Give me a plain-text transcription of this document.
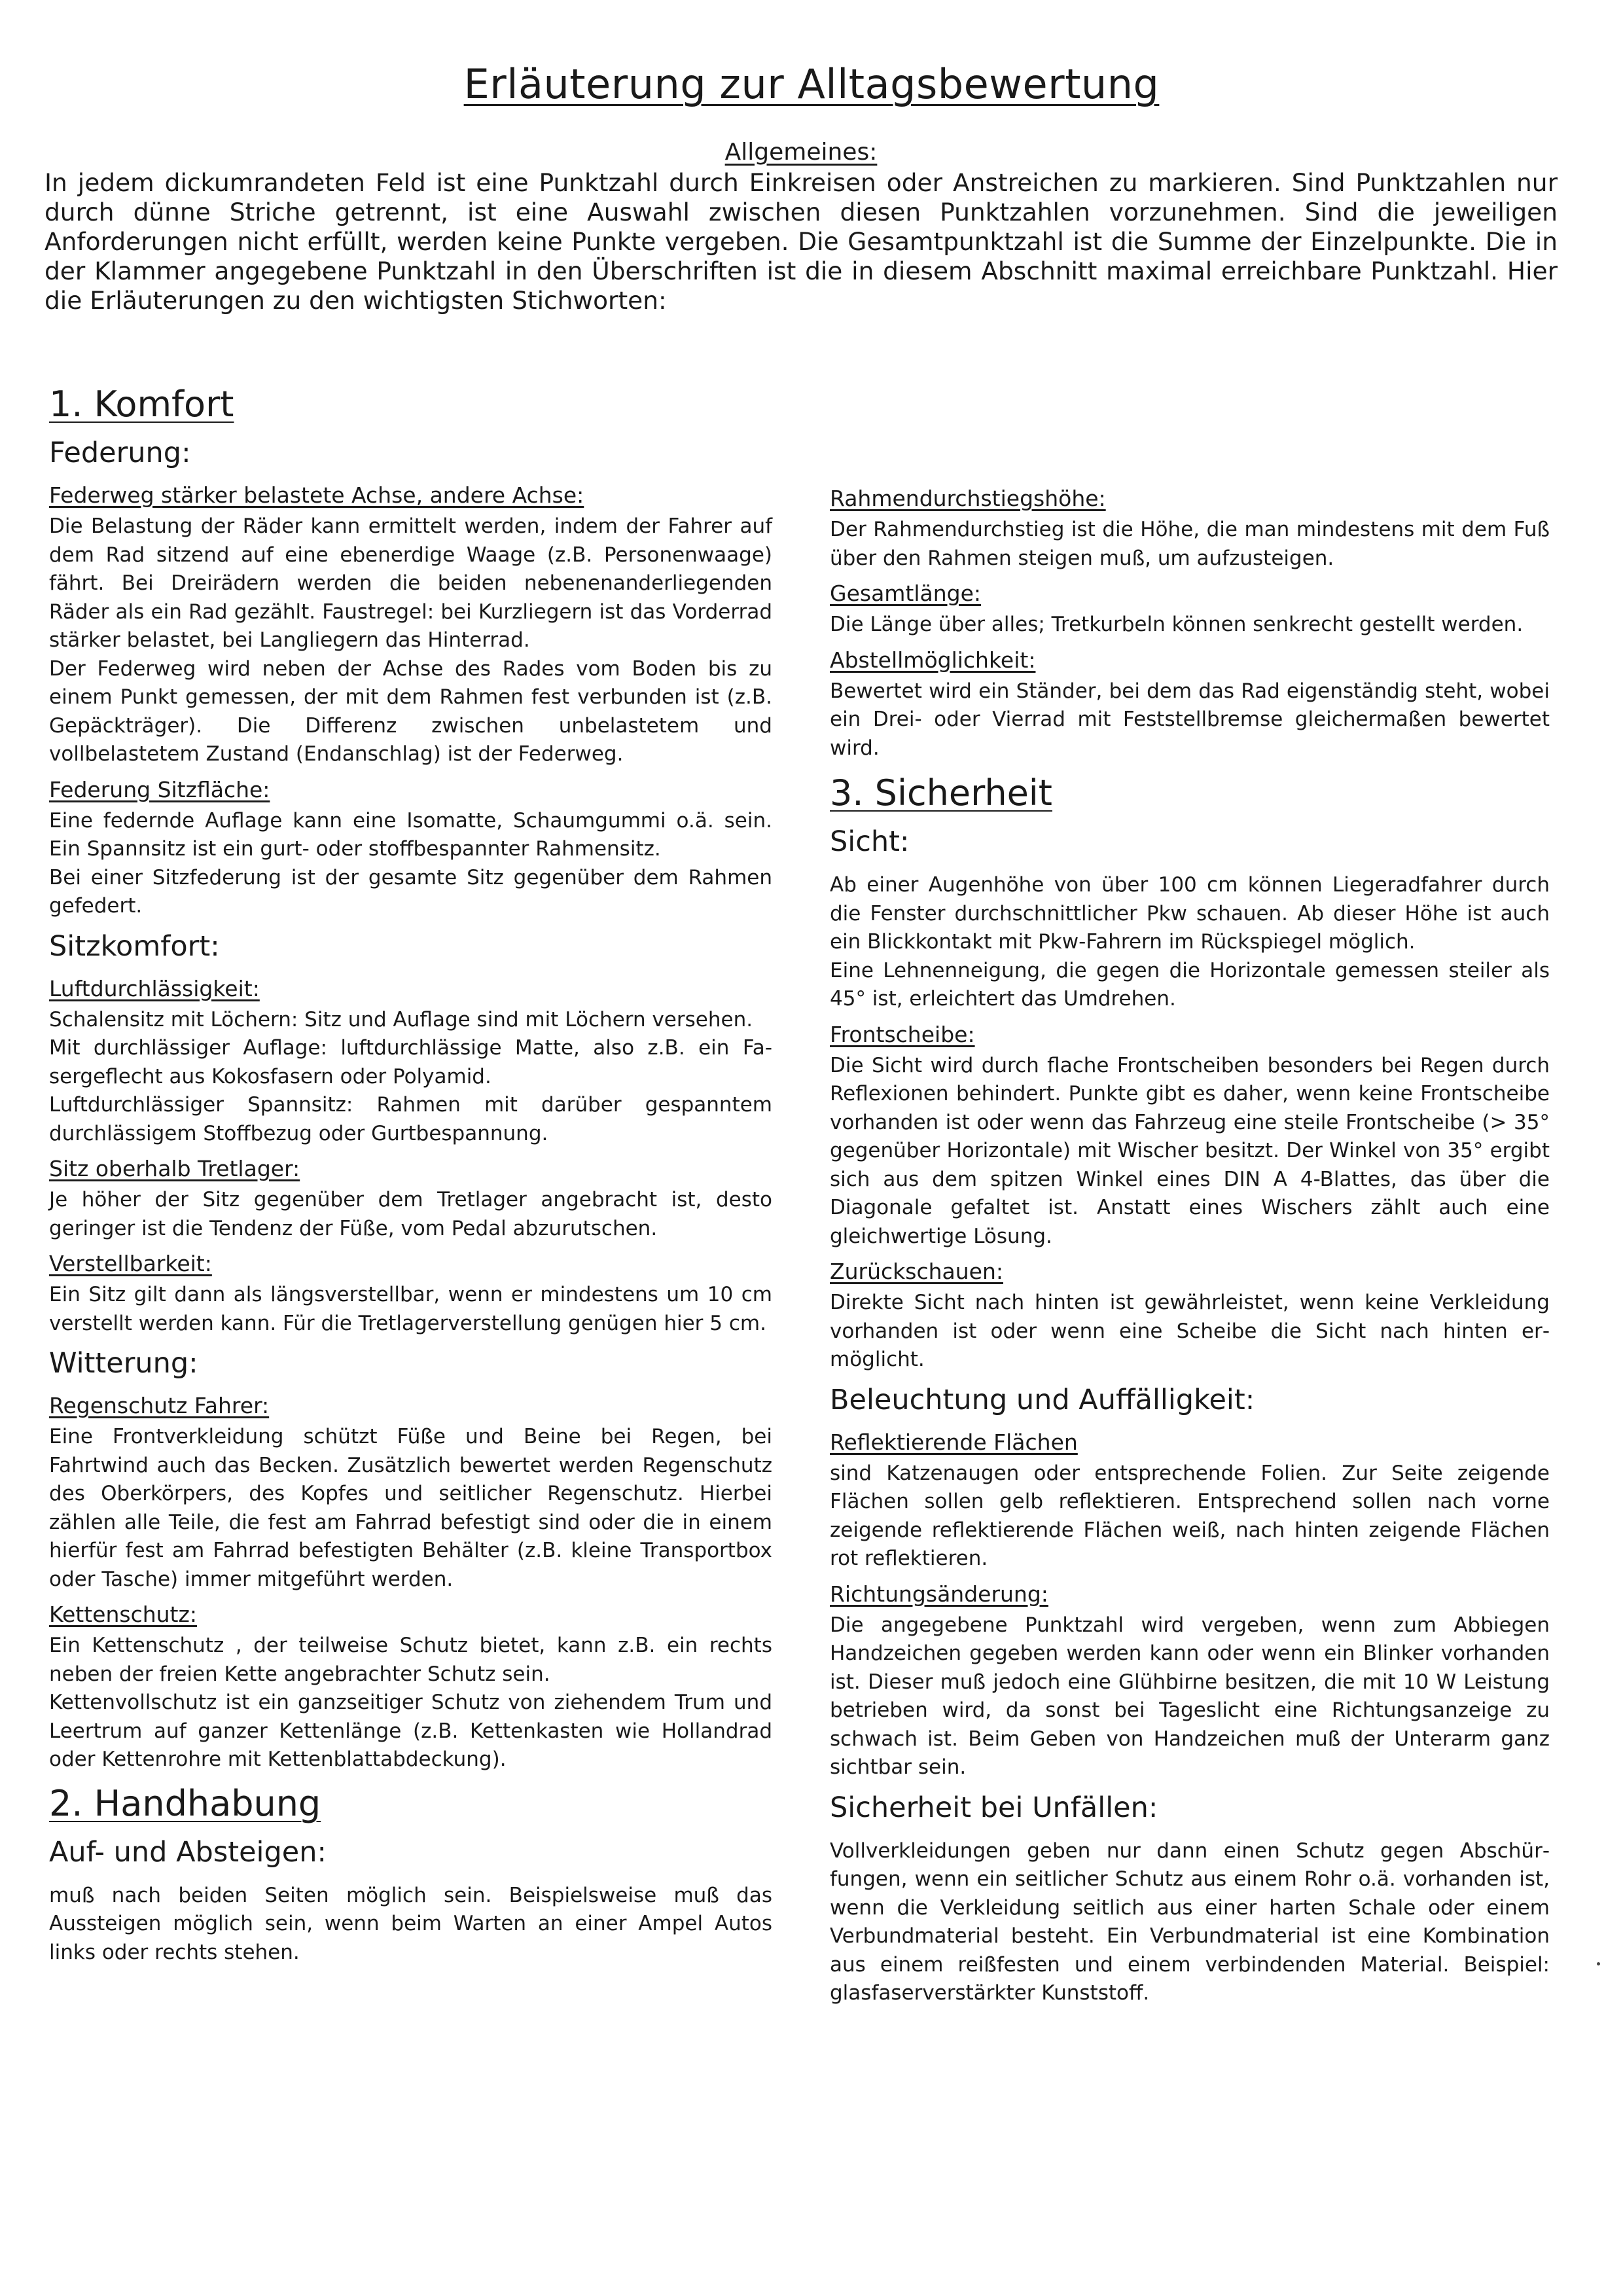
Erläuterung zur Alltagsbewertung
Allgemeines:
In jedem dickumrandeten Feld ist eine Punktzahl durch Einkreisen oder Anstreichen zu markieren. Sind Punktzahlen nur durch dünne Striche getrennt, ist eine Auswahl zwischen diesen Punktzahlen vorzunehmen. Sind die jeweiligen Anforderungen nicht erfüllt, werden keine Punkte vergeben. Die Gesamtpunktzahl ist die Summe der Einzelpunkte. Die in der Klammer angegebene Punktzahl in den Überschriften ist die in diesem Abschnitt maximal erreichbare Punktzahl. Hier die Erläuterungen zu den wichtigsten Stichworten:
1. Komfort
Federung:
Federweg stärker belastete Achse, andere Achse:
Die Belastung der Räder kann ermittelt werden, indem der Fahrer auf dem Rad sitzend auf eine ebenerdige Waage (z.B. Personenwaage) fährt. Bei Dreirädern werden die beiden nebenenanderliegenden Räder als ein Rad gezählt. Faustregel: bei Kurzliegern ist das Vorderrad stärker belastet, bei Langliegern das Hinterrad.
Der Federweg wird neben der Achse des Rades vom Boden bis zu einem Punkt gemessen, der mit dem Rahmen fest verbunden ist (z.B. Gepäckträger). Die Differenz zwischen unbelastetem und vollbelastetem Zustand (Endanschlag) ist der Federweg.
Federung Sitzfläche:
Eine federnde Auflage kann eine Isomatte, Schaumgummi o.ä. sein. Ein Spannsitz ist ein gurt- oder stoffbespannter Rahmensitz.
Bei einer Sitzfederung ist der gesamte Sitz gegenüber dem Rahmen gefedert.
Sitzkomfort:
Luftdurchlässigkeit:
Schalensitz mit Löchern: Sitz und Auflage sind mit Löchern versehen.
Mit durchlässiger Auflage: luftdurchlässige Matte, also z.B. ein Fasergeflecht aus Kokosfasern oder Polyamid.
Luftdurchlässiger Spannsitz: Rahmen mit darüber gespanntem durchlässigem Stoffbezug oder Gurtbespannung.
Sitz oberhalb Tretlager:
Je höher der Sitz gegenüber dem Tretlager angebracht ist, desto geringer ist die Tendenz der Füße, vom Pedal abzurutschen.
Verstellbarkeit:
Ein Sitz gilt dann als längsverstellbar, wenn er mindestens um 10 cm verstellt werden kann. Für die Tretlagerverstellung genügen hier 5 cm.
Witterung:
Regenschutz Fahrer:
Eine Frontverkleidung schützt Füße und Beine bei Regen, bei Fahrtwind auch das Becken. Zusätzlich bewertet werden Regenschutz des Oberkörpers, des Kopfes und seitlicher Regenschutz. Hierbei zählen alle Teile, die fest am Fahrrad befestigt sind oder die in einem hierfür fest am Fahrrad befestigten Behälter (z.B. kleine Transportbox oder Tasche) immer mitgeführt werden.
Kettenschutz:
Ein Kettenschutz , der teilweise Schutz bietet, kann z.B. ein rechts neben der freien Kette angebrachter Schutz sein.
Kettenvollschutz ist ein ganzseitiger Schutz von ziehendem Trum und Leertrum auf ganzer Kettenlänge (z.B. Kettenkasten wie Hollandrad oder Kettenrohre mit Kettenblattabdeckung).
2. Handhabung
Auf- und Absteigen:
muß nach beiden Seiten möglich sein. Beispielsweise muß das Aussteigen möglich sein, wenn beim Warten an einer Ampel Autos links oder rechts stehen.
Rahmendurchstiegshöhe:
Der Rahmendurchstieg ist die Höhe, die man mindestens mit dem Fuß über den Rahmen steigen muß, um aufzusteigen.
Gesamtlänge:
Die Länge über alles; Tretkurbeln können senkrecht gestellt werden.
Abstellmöglichkeit:
Bewertet wird ein Ständer, bei dem das Rad eigenständig steht, wobei ein Drei- oder Vierrad mit Feststellbremse gleichermaßen bewertet wird.
3. Sicherheit
Sicht:
Ab einer Augenhöhe von über 100 cm können Liegeradfahrer durch die Fenster durchschnittlicher Pkw schauen. Ab dieser Höhe ist auch ein Blickkontakt mit Pkw-Fahrern im Rückspiegel möglich.
Eine Lehnenneigung, die gegen die Horizontale gemessen steiler als 45° ist, erleichtert das Umdrehen.
Frontscheibe:
Die Sicht wird durch flache Frontscheiben besonders bei Regen durch Reflexionen behindert. Punkte gibt es daher, wenn keine Frontscheibe vorhanden ist oder wenn das Fahrzeug eine steile Frontscheibe (> 35° gegenüber Horizontale) mit Wischer besitzt. Der Winkel von 35° ergibt sich aus dem spitzen Winkel eines DIN A 4-Blattes, das über die Diagonale gefaltet ist. Anstatt eines Wischers zählt auch eine gleichwertige Lösung.
Zurückschauen:
Direkte Sicht nach hinten ist gewährleistet, wenn keine Verkleidung vorhanden ist oder wenn eine Scheibe die Sicht nach hinten ermöglicht.
Beleuchtung und Auffälligkeit:
Reflektierende Flächen
sind Katzenaugen oder entsprechende Folien. Zur Seite zeigende Flächen sollen gelb reflektieren. Entsprechend sollen nach vorne zeigende reflektierende Flächen weiß, nach hinten zeigende Flächen rot reflektieren.
Richtungsänderung:
Die angegebene Punktzahl wird vergeben, wenn zum Abbiegen Handzeichen gegeben werden kann oder wenn ein Blinker vorhanden ist. Dieser muß jedoch eine Glühbirne besitzen, die mit 10 W Leistung betrieben wird, da sonst bei Tageslicht eine Richtungsanzeige zu schwach ist. Beim Geben von Handzeichen muß der Unterarm ganz sichtbar sein.
Sicherheit bei Unfällen:
Vollverkleidungen geben nur dann einen Schutz gegen Abschürfungen, wenn ein seitlicher Schutz aus einem Rohr o.ä. vorhanden ist, wenn die Verkleidung seitlich aus einer harten Schale oder einem Verbundmaterial besteht. Ein Verbundmaterial ist eine Kombination aus einem reißfesten und einem verbindenden Material. Beispiel: glasfaserverstärkter Kunststoff.
